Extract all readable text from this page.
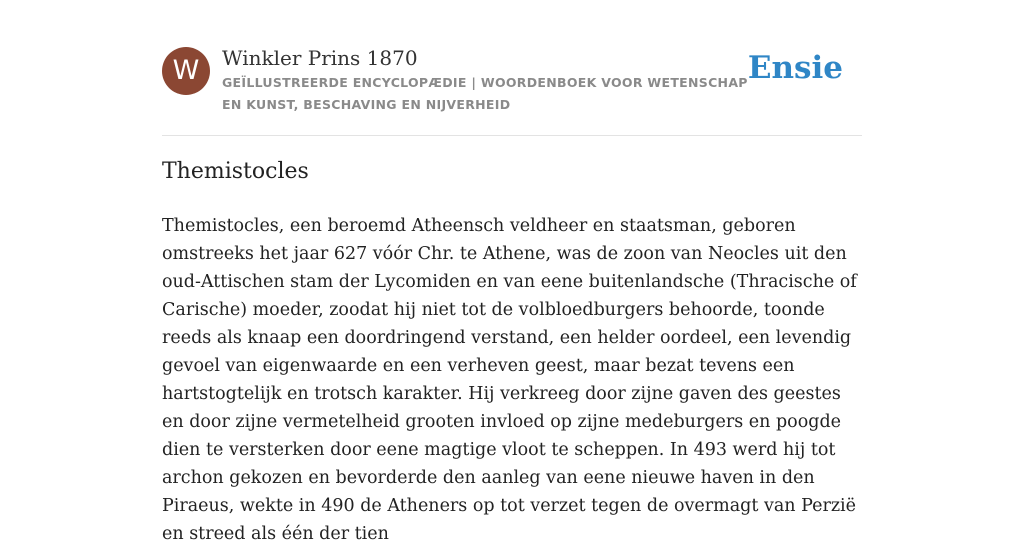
W	Winkler Prins 1870
GEÏLLUSTREERDE ENCYCLOPÆDIE | WOORDENBOEK VOOR WETENSCHAP EN KUNST, BESCHAVING EN NIJVERHEID
Ensie
Themistocles

Themistocles, een beroemd Atheensch veldheer en staatsman, geboren omstreeks het jaar 627 vóór Chr. te Athene, was de zoon van Neocles uit den oud-Attischen stam der Lycomiden en van eene buitenlandsche (Thracische of Carische) moeder, zoodat hij niet tot de volbloedburgers behoorde, toonde reeds als knaap een doordringend verstand, een helder oordeel, een levendig gevoel van eigenwaarde en een verheven geest, maar bezat tevens een hartstogtelijk en trotsch karakter. Hij verkreeg door zijne gaven des geestes en door zijne vermetelheid grooten invloed op zijne medeburgers en poogde dien te versterken door eene magtige vloot te scheppen. In 493 werd hij tot archon gekozen en bevorderde den aanleg van eene nieuwe haven in den Piraeus, wekte in 490 de Atheners op tot verzet tegen de overmagt van Perzië en streed als één der tien
